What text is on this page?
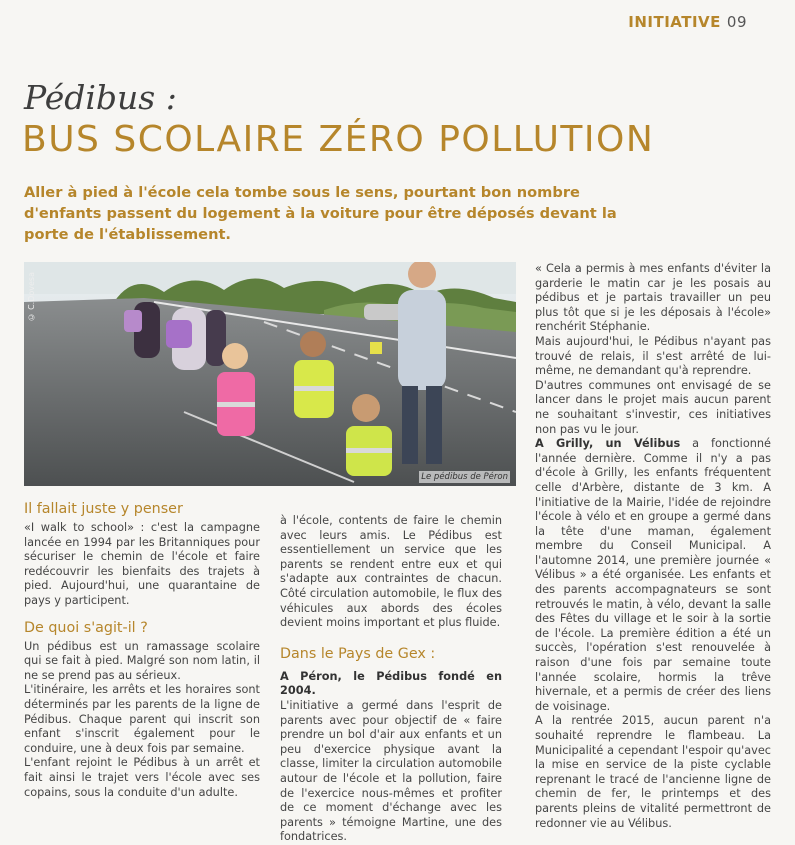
INITIATIVE 09
Pédibus :
BUS SCOLAIRE ZÉRO POLLUTION
Aller à pied à l'école cela tombe sous le sens, pourtant bon nombre d'enfants passent du logement à la voiture pour être déposés devant la porte de l'établissement.
© C.Dovesa
Le pédibus de Péron
Il fallait juste y penser

«I walk to school» : c'est la campagne lancée en 1994 par les Britanniques pour sécuriser le chemin de l'école et faire redécouvrir les bienfaits des trajets à pied. Aujourd'hui, une quarantaine de pays y participent.

De quoi s'agit-il ?

Un pédibus est un ramassage scolaire qui se fait à pied. Malgré son nom latin, il ne se prend pas au sérieux.

L'itinéraire, les arrêts et les horaires sont déterminés par les parents de la ligne de Pédibus. Chaque parent qui inscrit son enfant s'inscrit également pour le conduire, une à deux fois par semaine.

L'enfant rejoint le Pédibus à un arrêt et fait ainsi le trajet vers l'école avec ses copains, sous la conduite d'un adulte.

à l'école, contents de faire le chemin avec leurs amis. Le Pédibus est essentiellement un service que les parents se rendent entre eux et qui s'adapte aux contraintes de chacun. Côté circulation automobile, le flux des véhicules aux abords des écoles devient moins important et plus fluide.

Dans le Pays de Gex :

A Péron, le Pédibus fondé en 2004.

L'initiative a germé dans l'esprit de parents avec pour objectif de « faire prendre un bol d'air aux enfants et un peu d'exercice physique avant la classe, limiter la circulation automobile autour de l'école et la pollution, faire de l'exercice nous-mêmes et profiter de ce moment d'échange avec les parents » témoigne Martine, une des fondatrices.

« Cela a permis à mes enfants d'éviter la garderie le matin car je les posais au pédibus et je partais travailler un peu plus tôt que si je les déposais à l'école» renchérit Stéphanie.

Mais aujourd'hui, le Pédibus n'ayant pas trouvé de relais, il s'est arrêté de lui-même, ne demandant qu'à reprendre.

D'autres communes ont envisagé de se lancer dans le projet mais aucun parent ne souhaitant s'investir, ces initiatives non pas vu le jour.

A Grilly, un Vélibus a fonctionné l'année dernière. Comme il n'y a pas d'école à Grilly, les enfants fréquentent celle d'Arbère, distante de 3 km. A l'initiative de la Mairie, l'idée de rejoindre l'école à vélo et en groupe a germé dans la tête d'une maman, également membre du Conseil Municipal. A l'automne 2014, une première journée « Vélibus » a été organisée. Les enfants et des parents accompagnateurs se sont retrouvés le matin, à vélo, devant la salle des Fêtes du village et le soir à la sortie de l'école. La première édition a été un succès, l'opération s'est renouvelée à raison d'une fois par semaine toute l'année scolaire, hormis la trêve hivernale, et a permis de créer des liens de voisinage.

A la rentrée 2015, aucun parent n'a souhaité reprendre le flambeau. La Municipalité a cependant l'espoir qu'avec la mise en service de la piste cyclable reprenant le tracé de l'ancienne ligne de chemin de fer, le printemps et des parents pleins de vitalité permettront de redonner vie au Vélibus.
